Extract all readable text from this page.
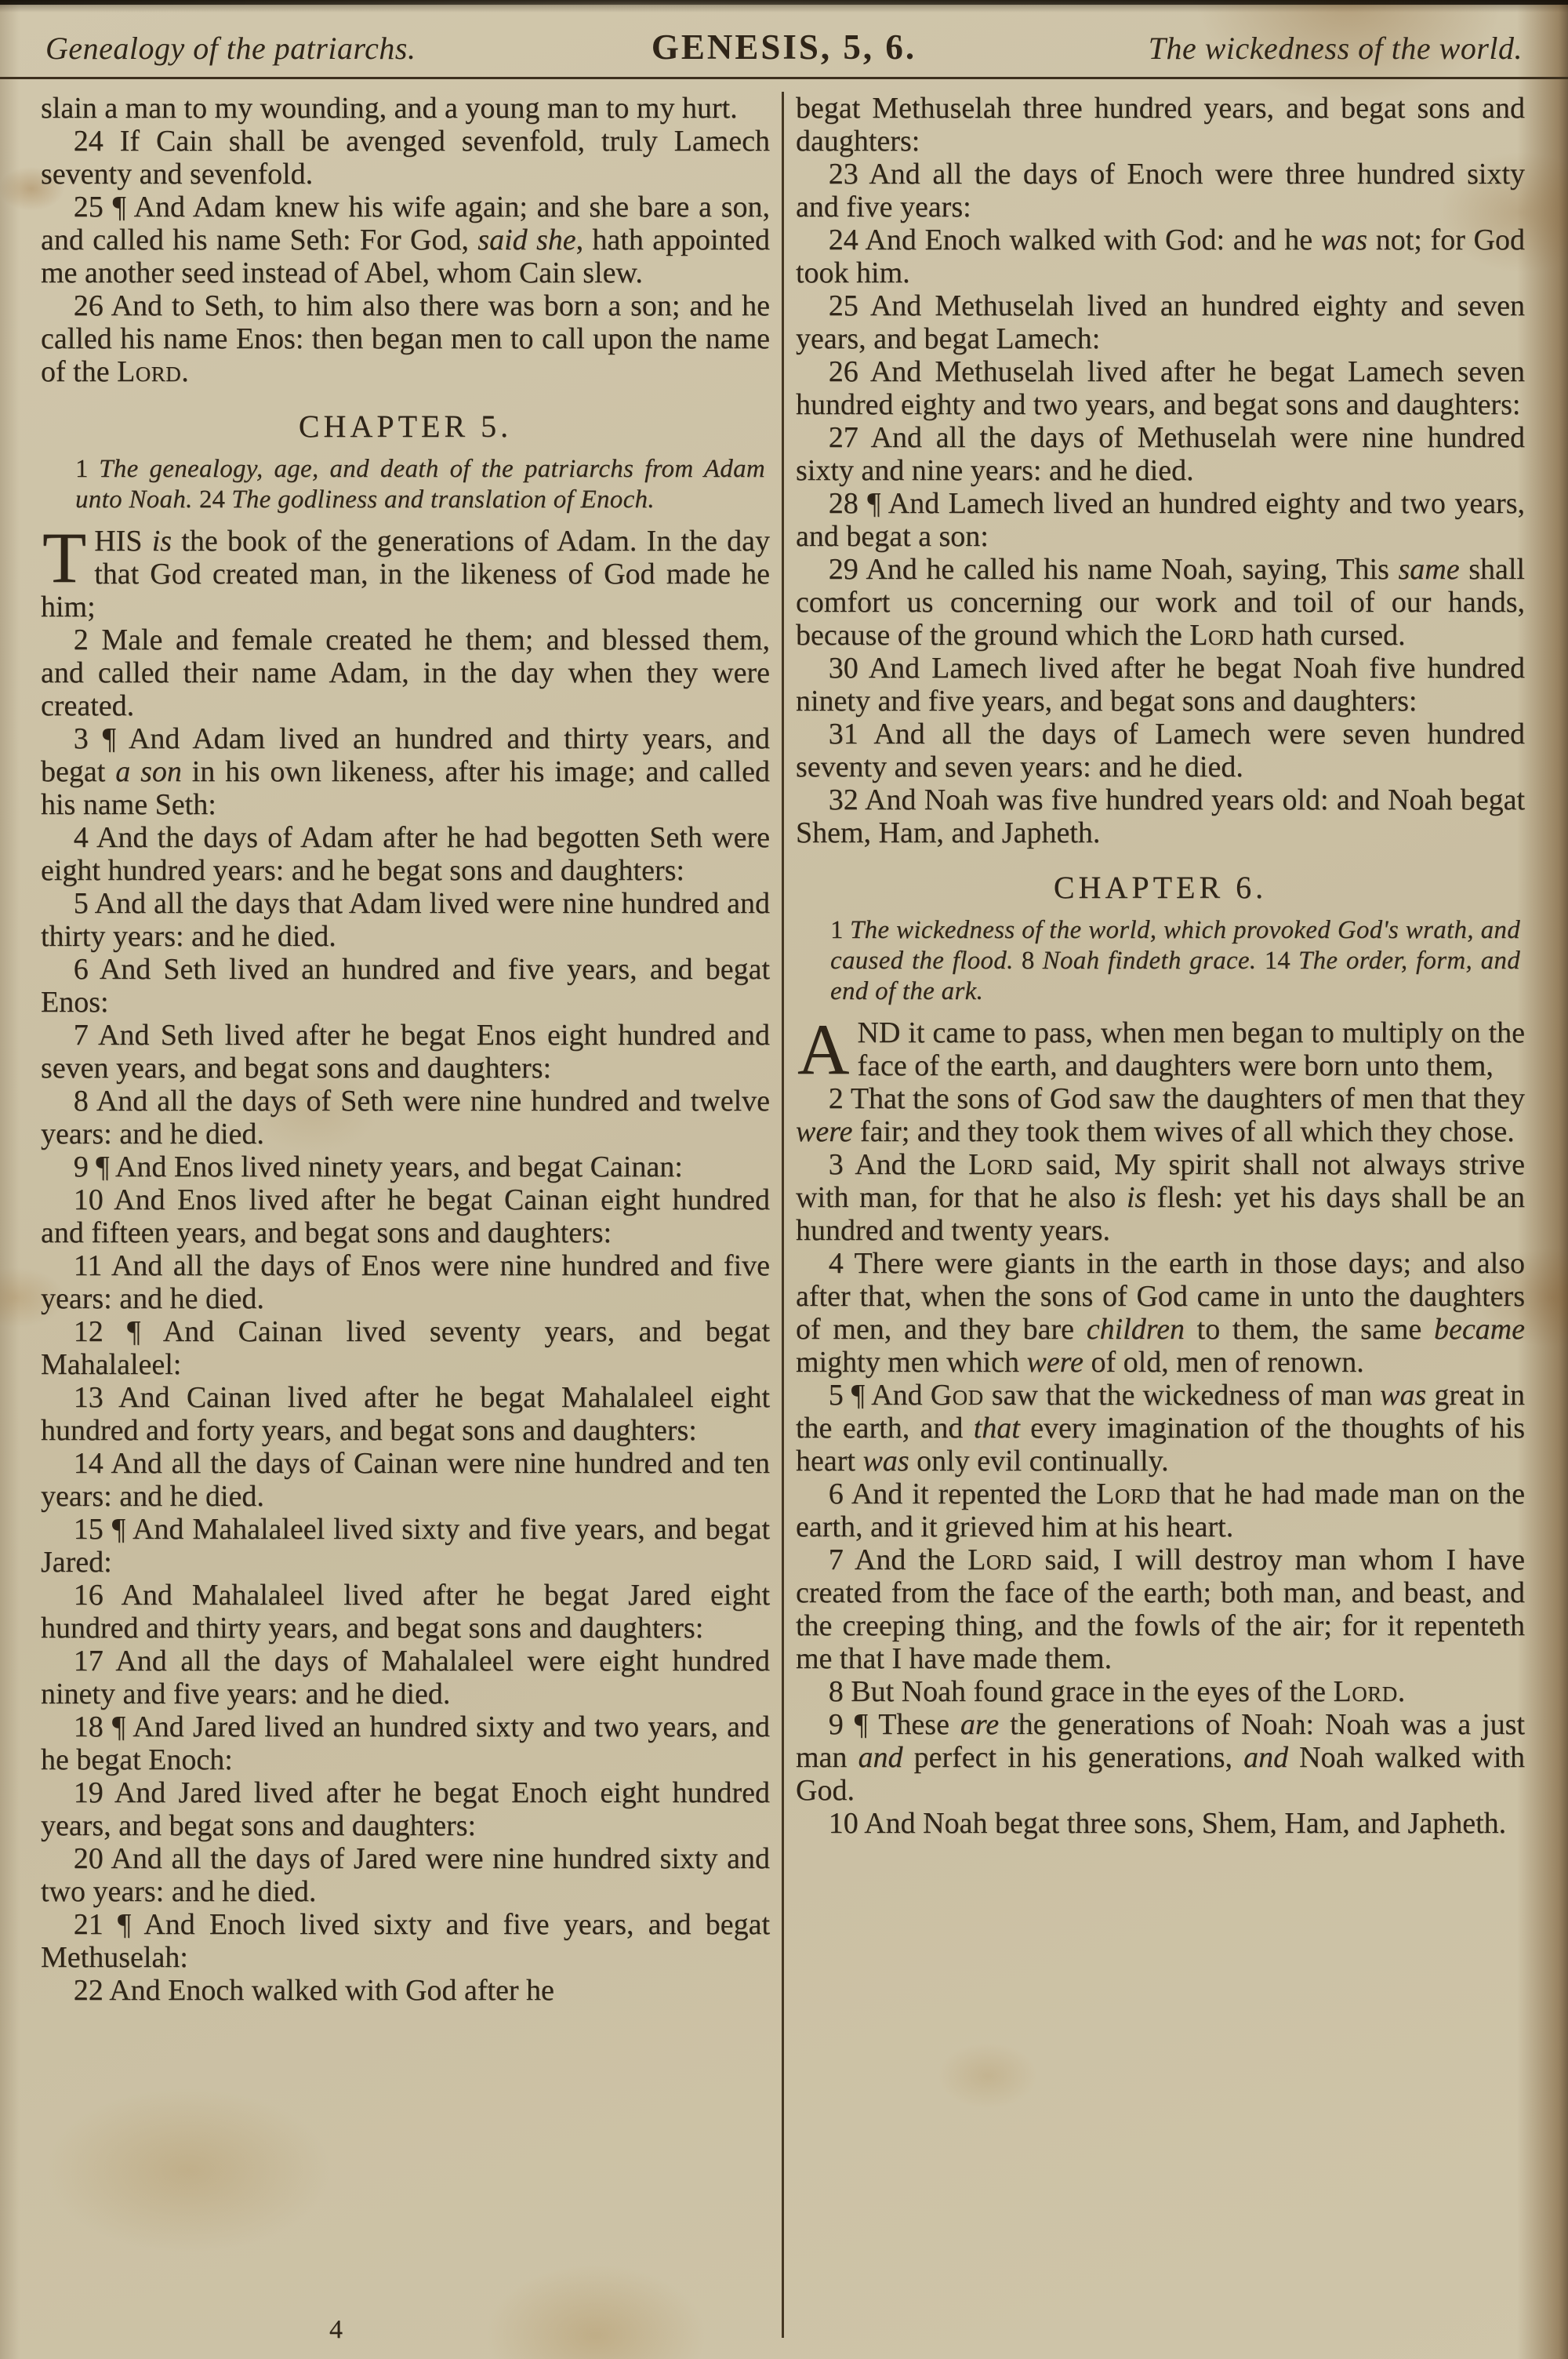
Genealogy of the patriarchs.	GENESIS, 5, 6.	The wickedness of the world.

slain a man to my wounding, and a young man to my hurt.

24 If Cain shall be avenged sevenfold, truly Lamech seventy and sevenfold.

25 ¶ And Adam knew his wife again; and she bare a son, and called his name Seth: For God, said she, hath appointed me another seed instead of Abel, whom Cain slew.

26 And to Seth, to him also there was born a son; and he called his name Enos: then began men to call upon the name of the Lord.

CHAPTER 5.

1 The genealogy, age, and death of the patriarchs from Adam unto Noah. 24 The godliness and translation of Enoch.

THIS is the book of the generations of Adam. In the day that God created man, in the likeness of God made he him;

2 Male and female created he them; and blessed them, and called their name Adam, in the day when they were created.

3 ¶ And Adam lived an hundred and thirty years, and begat a son in his own likeness, after his image; and called his name Seth:

4 And the days of Adam after he had begotten Seth were eight hundred years: and he begat sons and daughters:

5 And all the days that Adam lived were nine hundred and thirty years: and he died.

6 And Seth lived an hundred and five years, and begat Enos:

7 And Seth lived after he begat Enos eight hundred and seven years, and begat sons and daughters:

8 And all the days of Seth were nine hundred and twelve years: and he died.

9 ¶ And Enos lived ninety years, and begat Cainan:

10 And Enos lived after he begat Cainan eight hundred and fifteen years, and begat sons and daughters:

11 And all the days of Enos were nine hundred and five years: and he died.

12 ¶ And Cainan lived seventy years, and begat Mahalaleel:

13 And Cainan lived after he begat Mahalaleel eight hundred and forty years, and begat sons and daughters:

14 And all the days of Cainan were nine hundred and ten years: and he died.

15 ¶ And Mahalaleel lived sixty and five years, and begat Jared:

16 And Mahalaleel lived after he begat Jared eight hundred and thirty years, and begat sons and daughters:

17 And all the days of Mahalaleel were eight hundred ninety and five years: and he died.

18 ¶ And Jared lived an hundred sixty and two years, and he begat Enoch:

19 And Jared lived after he begat Enoch eight hundred years, and begat sons and daughters:

20 And all the days of Jared were nine hundred sixty and two years: and he died.

21 ¶ And Enoch lived sixty and five years, and begat Methuselah:

22 And Enoch walked with God after he

begat Methuselah three hundred years, and begat sons and daughters:

23 And all the days of Enoch were three hundred sixty and five years:

24 And Enoch walked with God: and he was not; for God took him.

25 And Methuselah lived an hundred eighty and seven years, and begat Lamech:

26 And Methuselah lived after he begat Lamech seven hundred eighty and two years, and begat sons and daughters:

27 And all the days of Methuselah were nine hundred sixty and nine years: and he died.

28 ¶ And Lamech lived an hundred eighty and two years, and begat a son:

29 And he called his name Noah, saying, This same shall comfort us concerning our work and toil of our hands, because of the ground which the Lord hath cursed.

30 And Lamech lived after he begat Noah five hundred ninety and five years, and begat sons and daughters:

31 And all the days of Lamech were seven hundred seventy and seven years: and he died.

32 And Noah was five hundred years old: and Noah begat Shem, Ham, and Japheth.

CHAPTER 6.

1 The wickedness of the world, which provoked God's wrath, and caused the flood. 8 Noah findeth grace. 14 The order, form, and end of the ark.

AND it came to pass, when men began to multiply on the face of the earth, and daughters were born unto them,

2 That the sons of God saw the daughters of men that they were fair; and they took them wives of all which they chose.

3 And the Lord said, My spirit shall not always strive with man, for that he also is flesh: yet his days shall be an hundred and twenty years.

4 There were giants in the earth in those days; and also after that, when the sons of God came in unto the daughters of men, and they bare children to them, the same became mighty men which were of old, men of renown.

5 ¶ And God saw that the wickedness of man was great in the earth, and that every imagination of the thoughts of his heart was only evil continually.

6 And it repented the Lord that he had made man on the earth, and it grieved him at his heart.

7 And the Lord said, I will destroy man whom I have created from the face of the earth; both man, and beast, and the creeping thing, and the fowls of the air; for it repenteth me that I have made them.

8 But Noah found grace in the eyes of the Lord.

9 ¶ These are the generations of Noah: Noah was a just man and perfect in his generations, and Noah walked with God.

10 And Noah begat three sons, Shem, Ham, and Japheth.

4
